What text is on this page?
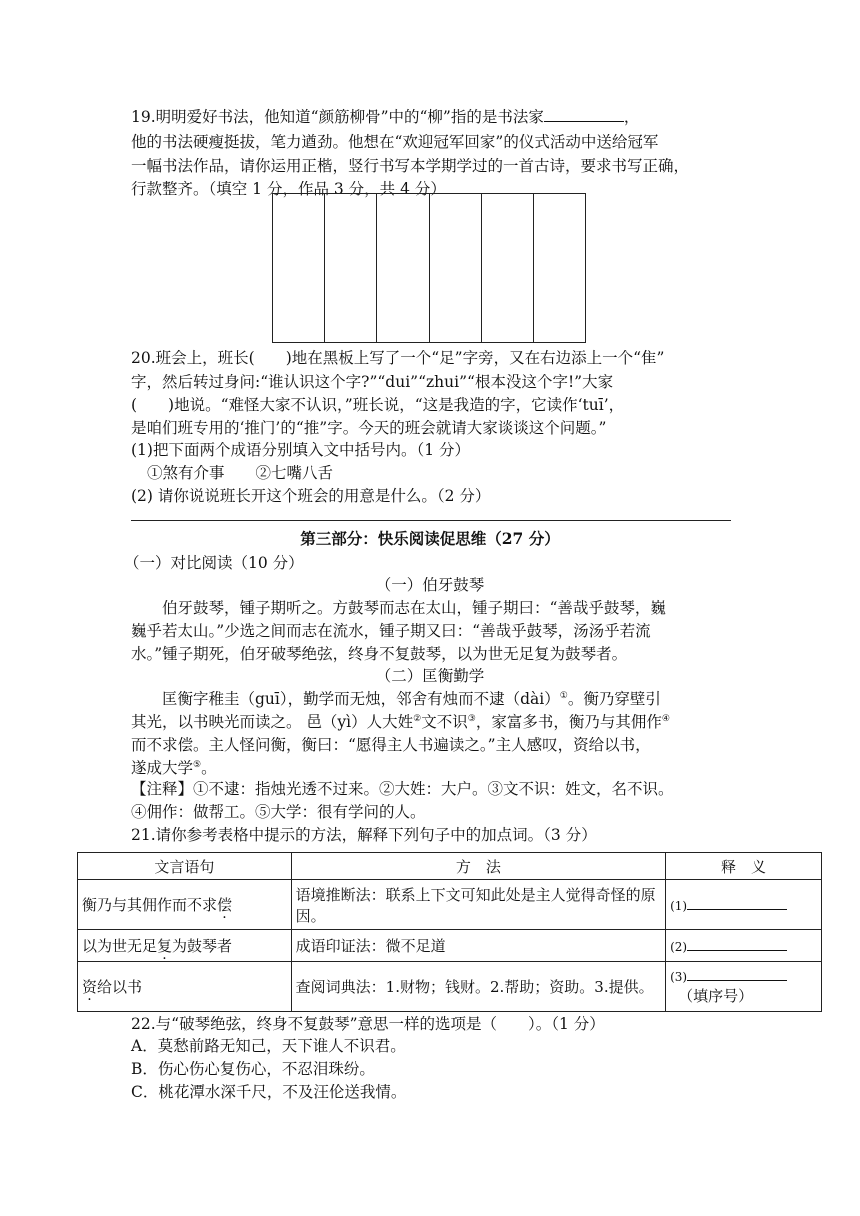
19.明明爱好书法，他知道“颜筋柳骨”中的“柳”指的是书法家	，
他的书法硬瘦挺拔，笔力遒劲。他想在“欢迎冠军回家”的仪式活动中送给冠军
一幅书法作品，请你运用正楷，竖行书写本学期学过的一首古诗，要求书写正确，
行款整齐。（填空 1 分，作品 3 分，共 4 分）
20.班会上，班长(　　)地在黑板上写了一个“足”字旁，又在右边添上一个“隹”
字，然后转过身问:“谁认识这个字?”“dui”“zhui”“根本没这个字!”大家
(　　)地说。“难怪大家不认识，”班长说，“这是我造的字，它读作‘tuī’，
是咱们班专用的‘推门’的“推”字。今天的班会就请大家谈谈这个问题。”
(1)把下面两个成语分别填入文中括号内。（1 分）
①煞有介事　　②七嘴八舌
(2) 请你说说班长开这个班会的用意是什么。（2 分）
第三部分：快乐阅读促思维（27 分）
（一）对比阅读（10 分）
（一）伯牙鼓琴
伯牙鼓琴，锺子期听之。方鼓琴而志在太山，锺子期曰：“善哉乎鼓琴，巍
巍乎若太山。”少选之间而志在流水，锺子期又曰：“善哉乎鼓琴，汤汤乎若流
水。”锺子期死，伯牙破琴绝弦，终身不复鼓琴，以为世无足复为鼓琴者。
（二）匡衡勤学
匡衡字稚圭（guī），勤学而无烛，邻舍有烛而不逮（dài）①。衡乃穿壁引
其光，以书映光而读之。 邑（yì）人大姓②文不识③，家富多书，衡乃与其佣作④
而不求偿。主人怪问衡，衡曰：“愿得主人书遍读之。”主人感叹，资给以书，
遂成大学⑤。
【注释】①不逮：指烛光透不过来。②大姓：大户。③文不识：姓文，名不识。
④佣作：做帮工。⑤大学：很有学问的人。
21.请你参考表格中提示的方法，解释下列句子中的加点词。（3 分）
文言语句	方　法	释　义
衡乃与其佣作而不求偿	语境推断法：联系上下文可知此处是主人觉得奇怪的原因。	(1)
以为世无足复为鼓琴者	成语印证法：微不足道	(2)
资给以书	查阅词典法：1.财物；钱财。2.帮助；资助。3.提供。	(3)
（填序号）
22.与“破琴绝弦，终身不复鼓琴”意思一样的选项是（　　）。（1 分）
A．莫愁前路无知己，天下谁人不识君。
B．伤心伤心复伤心，不忍泪珠纷。
C．桃花潭水深千尺，不及汪伦送我情。
